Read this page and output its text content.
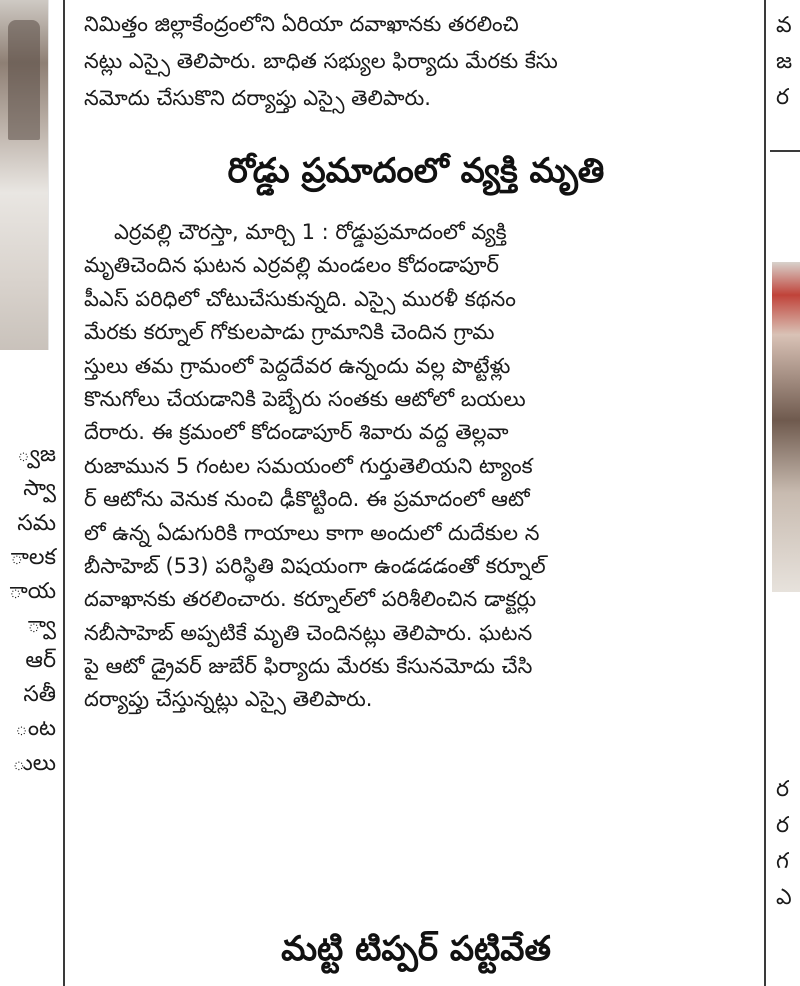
్వజ
స్వా
సమ
ాలక
ాయ
్వా
ఆర్
సతీ
ంట
ులు
నిమిత్తం జిల్లాకేంద్రంలోని ఏరియా దవాఖానకు తరలించి
నట్లు ఎస్సై తెలిపారు. బాధిత సభ్యుల ఫిర్యాదు మేరకు కేసు
నమోదు చేసుకొని దర్యాప్తు ఎస్సై తెలిపారు.
రోడ్డు ప్రమాదంలో వ్యక్తి మృతి
ఎర్రవల్లి చౌరస్తా, మార్చి 1 : రోడ్డుప్రమాదంలో వ్యక్తి
మృతిచెందిన ఘటన ఎర్రవల్లి మండలం కోదండాపూర్
పీఎస్ పరిధిలో చోటుచేసుకున్నది. ఎస్సై మురళీ కథనం
మేరకు కర్నూల్ గోకులపాడు గ్రామానికి చెందిన గ్రామ
స్తులు తమ గ్రామంలో పెద్దదేవర ఉన్నందు వల్ల పొట్టేళ్లు
కొనుగోలు చేయడానికి పెబ్బేరు సంతకు ఆటోలో బయలు
దేరారు. ఈ క్రమంలో కోదండాపూర్ శివారు వద్ద తెల్లవా
రుజామున 5 గంటల సమయంలో గుర్తుతెలియని ట్యాంక
ర్ ఆటోను వెనుక నుంచి ఢీకొట్టింది. ఈ ప్రమాదంలో ఆటో
లో ఉన్న ఏడుగురికి గాయాలు కాగా అందులో దుదేకుల న
బీసాహెబ్ (53) పరిస్థితి విషయంగా ఉండడడంతో కర్నూల్
దవాఖానకు తరలించారు. కర్నూల్‌లో పరిశీలించిన డాక్టర్లు
నబీసాహెబ్ అప్పటికే మృతి చెందినట్లు తెలిపారు. ఘటన
పై ఆటో డ్రైవర్ జుబేర్ ఫిర్యాదు మేరకు కేసునమోదు చేసి
దర్యాప్తు చేస్తున్నట్లు ఎస్సై తెలిపారు.
మట్టి టిప్పర్ పట్టివేత
వ
జ
ర
ర
ర
గ
ఎ
